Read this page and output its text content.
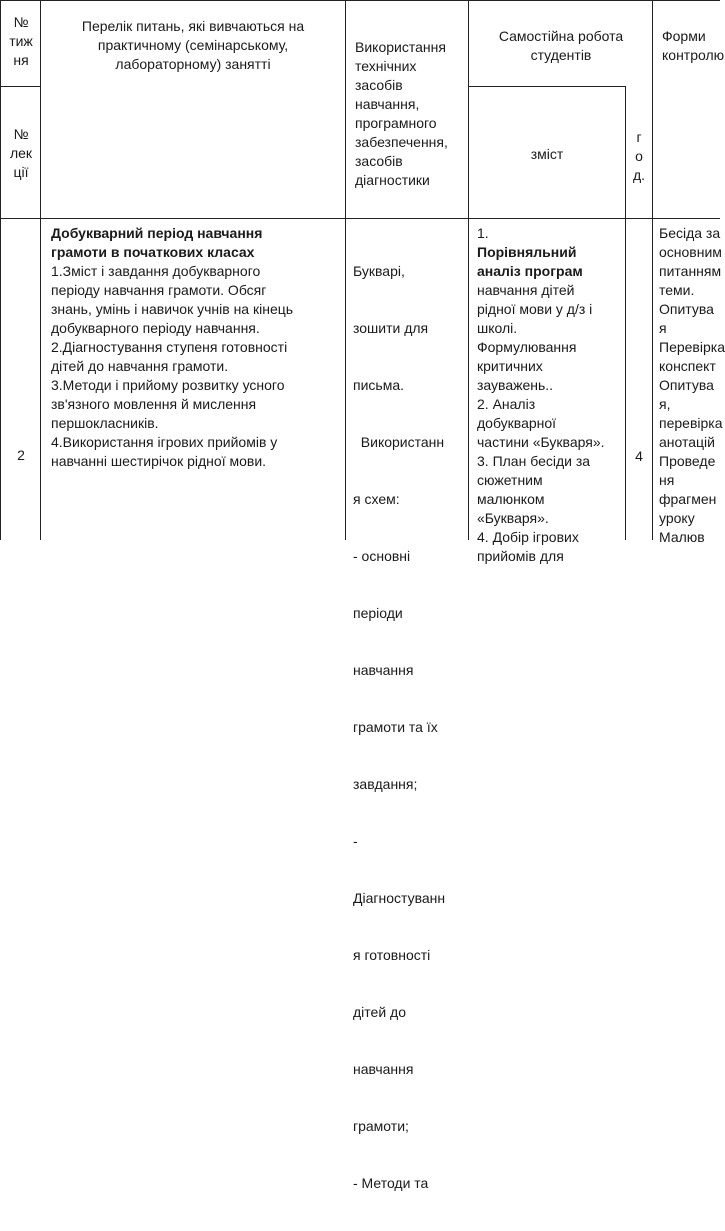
№
тиж
ня
№
лек
ції
Перелік питань, які вивчаються на
практичному (семінарському,
лабораторному) занятті
Використання
технічних
засобів
навчання,
програмного
забезпечення,
засобів
діагностики
Самостійна робота
студентів
зміст
г
о
д.
Форми
контролю
2
Добукварний період навчання
грамоти в початкових класах
1.Зміст і завдання добукварного
періоду навчання грамоти. Обсяг
знань, умінь і навичок учнів на кінець
добукварного періоду навчання.
2.Діагностування ступеня готовності
дітей до навчання грамоти.
3.Методи і прийому розвитку усного
зв'язного мовлення й мислення
першокласників.
4.Використання ігрових прийомів у
навчанні шестирічок рідної мови.

Букварі,

зошити для

письма.

Використанн

я схем:

- основні

періоди

навчання

грамоти та їх

завдання;

-

Діагностуванн

я готовності

дітей до

навчання

грамоти;

- Методи та

1.
Порівняльний
аналіз програм
навчання дітей
рідної мови у д/з і
школі.
Формулювання
критичних
зауважень..
2. Аналіз
добукварної
частини «Букваря».
3. План бесіди за
сюжетним
малюнком
«Букваря».
4. Добір ігрових
прийомів для
4
Бесіда за
основним
питанням
теми.
Опитува
я
Перевірка
конспект
Опитува
я,
перевірка
анотацій
Проведе
ня
фрагмен
уроку
Малюв
